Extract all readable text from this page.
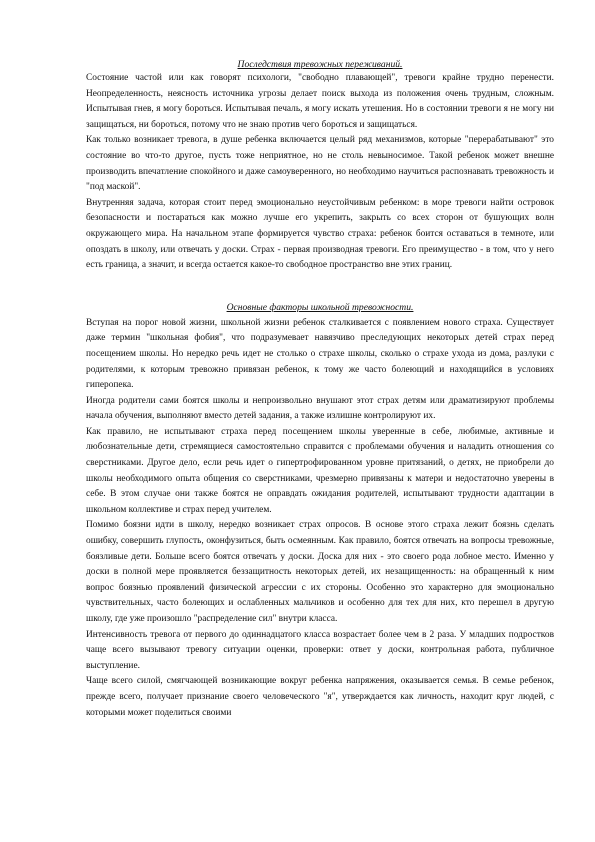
Последствия тревожных переживаний.

Состояние частой или как говорят психологи, "свободно плавающей", тревоги крайне трудно перенести. Неопределенность, неясность источника угрозы делает поиск выхода из положения очень трудным, сложным. Испытывая гнев, я могу бороться. Испытывая печаль, я могу искать утешения. Но в состоянии тревоги я не могу ни защищаться, ни бороться, потому что не знаю против чего бороться и защищаться.

Как только возникает тревога, в душе ребенка включается целый ряд механизмов, которые "перерабатывают" это состояние во что-то другое, пусть тоже неприятное, но не столь невыносимое. Такой ребенок может внешне производить впечатление спокойного и даже самоуверенного, но необходимо научиться распознавать тревожность и "под маской".

Внутренняя задача, которая стоит перед эмоционально неустойчивым ребенком: в море тревоги найти островок безопасности и постараться как можно лучше его укрепить, закрыть со всех сторон от бушующих волн окружающего мира. На начальном этапе формируется чувство страха: ребенок боится оставаться в темноте, или опоздать в школу, или отвечать у доски. Страх - первая производная тревоги. Его преимущество - в том, что у него есть граница, а значит, и всегда остается какое-то свободное пространство вне этих границ.

Основные факторы школьной тревожности.

Вступая на порог новой жизни, школьной жизни ребенок сталкивается с появлением нового страха. Существует даже термин "школьная фобия", что подразумевает навязчиво преследующих некоторых детей страх перед посещением школы. Но нередко речь идет не столько о страхе школы, сколько о страхе ухода из дома, разлуки с родителями, к которым тревожно привязан ребенок, к тому же часто болеющий и находящийся в условиях гиперопека.

Иногда родители сами боятся школы и непроизвольно внушают этот страх детям или драматизируют проблемы начала обучения, выполняют вместо детей задания, а также излишне контролируют их.

Как правило, не испытывают страха перед посещением школы уверенные в себе, любимые, активные и любознательные дети, стремящиеся самостоятельно справится с проблемами обучения и наладить отношения со сверстниками. Другое дело, если речь идет о гипертрофированном уровне притязаний, о детях, не приобрели до школы необходимого опыта общения со сверстниками, чрезмерно привязаны к матери и недостаточно уверены в себе. В этом случае они также боятся не оправдать ожидания родителей, испытывают трудности адаптации в школьном коллективе и страх перед учителем.

Помимо боязни идти в школу, нередко возникает страх опросов. В основе этого страха лежит боязнь сделать ошибку, совершить глупость, оконфузиться, быть осмеянным. Как правило, боятся отвечать на вопросы тревожные, боязливые дети. Больше всего боятся отвечать у доски. Доска для них - это своего рода лобное место. Именно у доски в полной мере проявляется беззащитность некоторых детей, их незащищенность: на обращенный к ним вопрос боязнью проявлений физической агрессии с их стороны. Особенно это характерно для эмоционально чувствительных, часто болеющих и ослабленных мальчиков и особенно для тех для них, кто перешел в другую школу, где уже произошло "распределение сил" внутри класса.

Интенсивность тревога от первого до одиннадцатого класса возрастает более чем в 2 раза. У младших подростков чаще всего вызывают тревогу ситуации оценки, проверки: ответ у доски, контрольная работа, публичное выступление.

Чаще всего силой, смягчающей возникающие вокруг ребенка напряжения, оказывается семья. В семье ребенок, прежде всего, получает признание своего человеческого "я", утверждается как личность, находит круг людей, с которыми может поделиться своими
